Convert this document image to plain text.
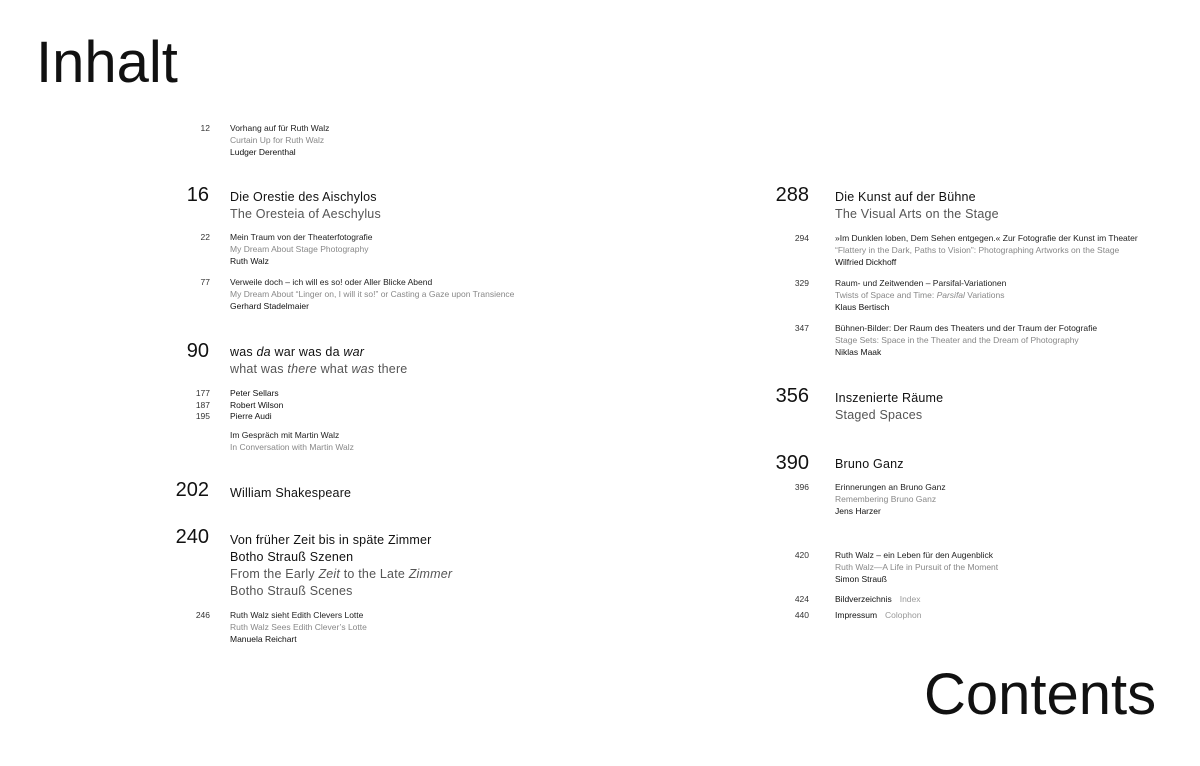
Inhalt
Contents
12 Vorhang auf für Ruth Walz
Curtain Up for Ruth Walz
Ludger Derenthal
16 Die Orestie des Aischylos
The Oresteia of Aeschylus
22 Mein Traum von der Theaterfotografie
My Dream About Stage Photography
Ruth Walz
77 Verweile doch – ich will es so! oder Aller Blicke Abend
My Dream About “Linger on, I will it so!” or Casting a Gaze upon Transience
Gerhard Stadelmaier
90 was da war was da war
what was there what was there
177 Peter Sellars
187 Robert Wilson
195 Pierre Audi
Im Gespräch mit Martin Walz
In Conversation with Martin Walz
202 William Shakespeare
240 Von früher Zeit bis in späte Zimmer
Botho Strauß Szenen
From the Early Zeit to the Late Zimmer
Botho Strauß Scenes
246 Ruth Walz sieht Edith Clevers Lotte
Ruth Walz Sees Edith Clever’s Lotte
Manuela Reichart
288 Die Kunst auf der Bühne
The Visual Arts on the Stage
294	»Im Dunklen loben, Dem Sehen entgegen.« Zur Fotografie der Kunst im Theater
“Flattery in the Dark, Paths to Vision”: Photographing Artworks on the Stage
Wilfried Dickhoff
329	Raum- und Zeitwenden – Parsifal-Variationen
Twists of Space and Time: Parsifal Variations
Klaus Bertisch
347	Bühnen-Bilder: Der Raum des Theaters und der Traum der Fotografie
Stage Sets: Space in the Theater and the Dream of Photography
Niklas Maak
356 Inszenierte Räume
Staged Spaces
390 Bruno Ganz
396	Erinnerungen an Bruno Ganz
Remembering Bruno Ganz
Jens Harzer
420	Ruth Walz – ein Leben für den Augenblick
Ruth Walz—A Life in Pursuit of the Moment
Simon Strauß
424	Bildverzeichnis Index
440	Impressum Colophon
